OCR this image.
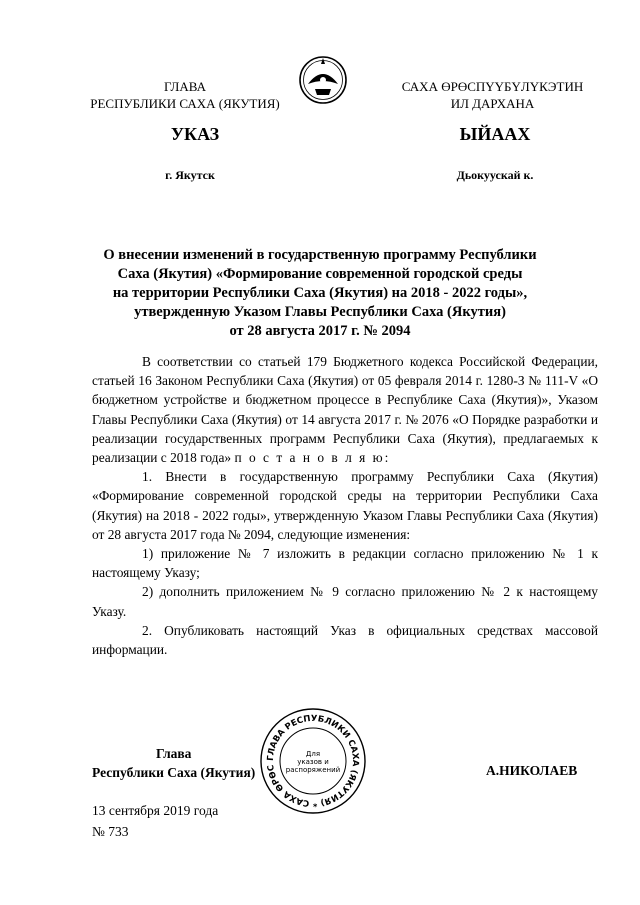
ГЛАВА
РЕСПУБЛИКИ САХА (ЯКУТИЯ)
САХА ӨРӨСПYYБYЛYКЭТИН
ИЛ ДАРХАНА
УКАЗ	ЫЙААХ
г. Якутск	Дьокуускай к.
О внесении изменений в государственную программу Республики
Саха (Якутия) «Формирование современной городской среды
на территории Республики Саха (Якутия) на 2018 - 2022 годы»,
утвержденную Указом Главы Республики Саха (Якутия)
от 28 августа 2017 г. № 2094

В соответствии со статьей 179 Бюджетного кодекса Российской Федерации, статьей 16 Законом Республики Саха (Якутия) от 05 февраля 2014 г. 1280-З № 111-V «О бюджетном устройстве и бюджетном процессе в Республике Саха (Якутия)», Указом Главы Республики Саха (Якутия) от 14 августа 2017 г. № 2076 «О Порядке разработки и реализации государственных программ Республики Саха (Якутия), предлагаемых к реализации с 2018 года» п о с т а н о в л я ю:

1. Внести в государственную программу Республики Саха (Якутия) «Формирование современной городской среды на территории Республики Саха (Якутия) на 2018 - 2022 годы», утвержденную Указом Главы Республики Саха (Якутия) от 28 августа 2017 года № 2094, следующие изменения:

1) приложение № 7 изложить в редакции согласно приложению № 1 к настоящему Указу;

2) дополнить приложением № 9 согласно приложению № 2 к настоящему Указу.

2. Опубликовать настоящий Указ в официальных средствах массовой информации.

Глава
Республики Саха (Якутия)	А.НИКОЛАЕВ
ГЛАВА РЕСПУБЛИКИ САХА (ЯКУТИЯ) * САХА ӨРӨС
Для
указов и
распоряжений
13 сентября 2019 года
№ 733
